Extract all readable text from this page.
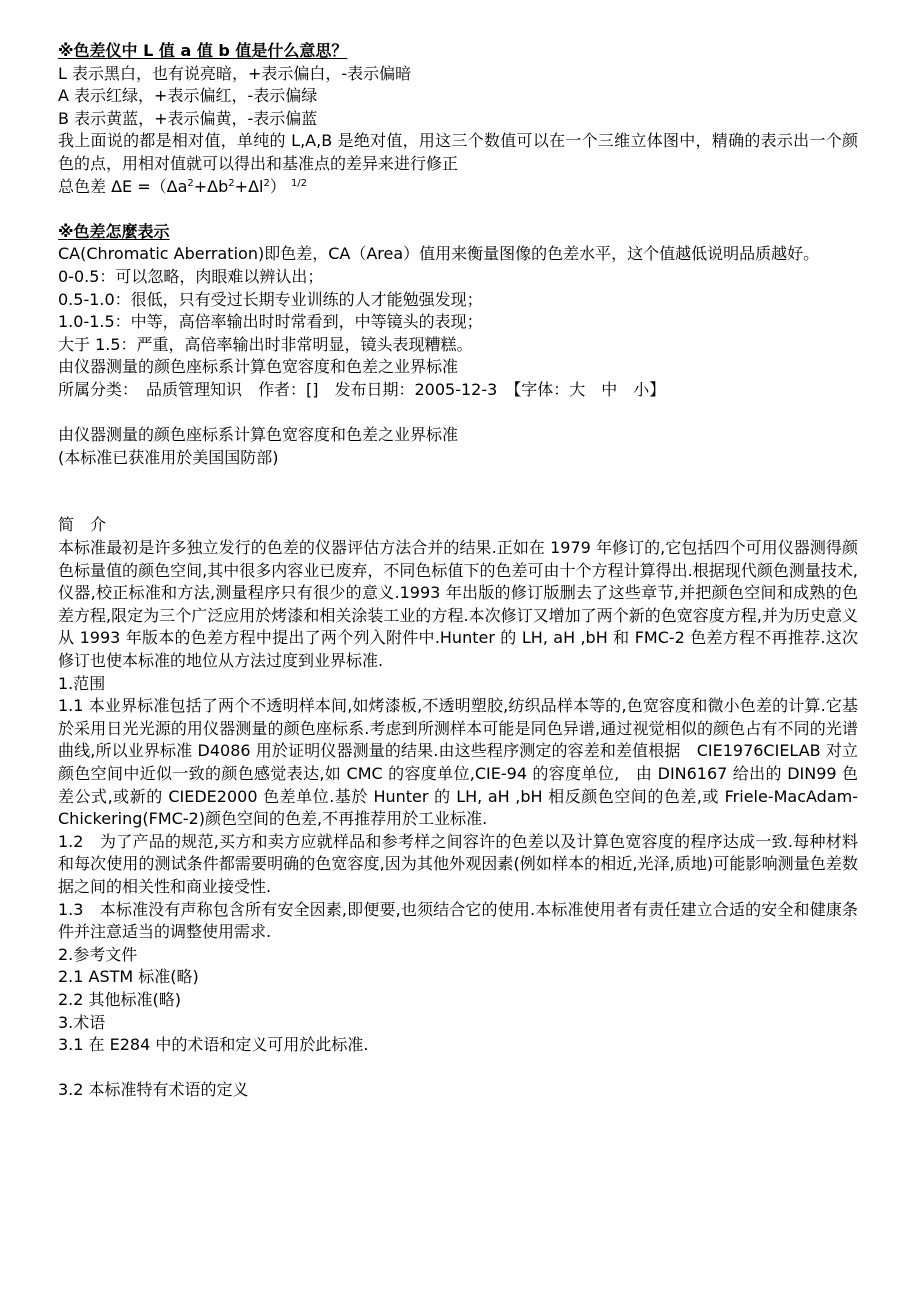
※色差仪中 L 值 a 值 b 值是什么意思？
L 表示黑白，也有说亮暗，+表示偏白，-表示偏暗
A 表示红绿，+表示偏红，-表示偏绿
B 表示黄蓝，+表示偏黄，-表示偏蓝

我上面说的都是相对值，单纯的 L,A,B 是绝对值，用这三个数值可以在一个三维立体图中，精确的表示出一个颜色的点，用相对值就可以得出和基准点的差异来进行修正

总色差 $\Delta E =(\Delta a^2+\Delta b^2+\Delta l^2)$ $^{1/2}$
※色差怎麼表示

CA(Chromatic Aberration)即色差，CA（Area）值用来衡量图像的色差水平，这个值越低说明品质越好。

0-0.5：可以忽略，肉眼难以辨认出；
0.5-1.0：很低，只有受过长期专业训练的人才能勉强发现；
1.0-1.5：中等，高倍率输出时时常看到，中等镜头的表现；
大于 1.5：严重，高倍率输出时非常明显，镜头表现糟糕。
由仪器测量的颜色座标系计算色宽容度和色差之业界标准
所属分类：　品质管理知识　作者：[]　发布日期：2005-12-3　【字体：大　中　小】
由仪器测量的颜色座标系计算色宽容度和色差之业界标准
(本标准已获准用於美国国防部)
简　介

本标准最初是许多独立发行的色差的仪器评估方法合并的结果.正如在 1979 年修订的,它包括四个可用仪器测得颜色标量值的颜色空间,其中很多内容业已废弃，不同色标值下的色差可由十个方程计算得出.根据现代颜色测量技术,仪器,校正标准和方法,测量程序只有很少的意义.1993 年出版的修订版删去了这些章节,并把颜色空间和成熟的色差方程,限定为三个广泛应用於烤漆和相关涂装工业的方程.本次修订又增加了两个新的色宽容度方程,并为历史意义从 1993 年版本的色差方程中提出了两个列入附件中.Hunter 的 LH, aH ,bH 和 FMC-2 色差方程不再推荐.这次修订也使本标准的地位从方法过度到业界标准.

1.范围

1.1 本业界标准包括了两个不透明样本间,如烤漆板,不透明塑胶,纺织品样本等的,色宽容度和微小色差的计算.它基於采用日光光源的用仪器测量的颜色座标系.考虑到所测样本可能是同色异谱,通过视觉相似的颜色占有不同的光谱曲线,所以业界标准 D4086 用於证明仪器测量的结果.由这些程序测定的容差和差值根据　CIE1976CIELAB 对立颜色空间中近似一致的颜色感觉表达,如 CMC 的容度单位,CIE-94 的容度单位,　由 DIN6167 给出的 DIN99 色差公式,或新的 CIEDE2000 色差单位.基於 Hunter 的 LH, aH ,bH 相反颜色空间的色差,或 Friele-MacAdam-Chickering(FMC-2)颜色空间的色差,不再推荐用於工业标准.

1.2　为了产品的规范,买方和卖方应就样品和参考样之间容许的色差以及计算色宽容度的程序达成一致.每种材料和每次使用的测试条件都需要明确的色宽容度,因为其他外观因素(例如样本的相近,光泽,质地)可能影响测量色差数据之间的相关性和商业接受性.

1.3　本标准没有声称包含所有安全因素,即便要,也须结合它的使用.本标准使用者有责任建立合适的安全和健康条件并注意适当的调整使用需求.

2.参考文件
2.1 ASTM 标准(略)
2.2 其他标准(略)
3.术语
3.1 在 E284 中的术语和定义可用於此标准.
3.2 本标准特有术语的定义
